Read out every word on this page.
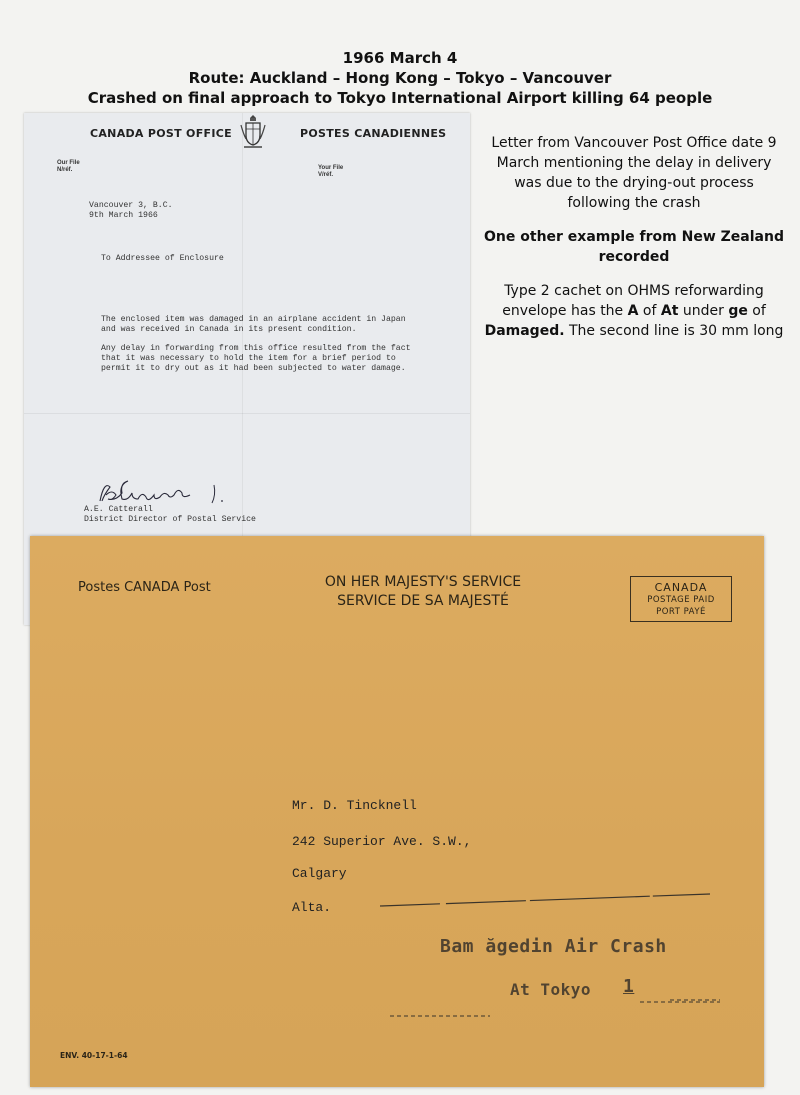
1966 March 4
Route: Auckland – Hong Kong – Tokyo – Vancouver
Crashed on final approach to Tokyo International Airport killing 64 people
CANADA POST OFFICE	POSTES CANADIENNES
Our File
N/réf.	Your File
V/réf.
Vancouver 3, B.C.
9th March 1966
To Addressee of Enclosure
The enclosed item was damaged in an airplane accident in Japan
and was received in Canada in its present condition.
Any delay in forwarding from this office resulted from the fact
that it was necessary to hold the item for a brief period to
permit it to dry out as it had been subjected to water damage.
A.E. Catterall
District Director of Postal Service
Letter from Vancouver Post Office date 9 March mentioning the delay in delivery was due to the drying-out process following the crash
One other example from New Zealand recorded
Type 2 cachet on OHMS reforwarding envelope has the A of At under ge of Damaged. The second line is 30 mm long
Postes CANADA Post	ON HER MAJESTY'S SERVICE
SERVICE DE SA MAJESTÉ
CANADA
POSTAGE PAID
PORT PAYÉ
Mr. D. Tincknell
242 Superior Ave. S.W.,
Calgary
Alta.
Bam ăgedin Air Crash
At Tokyo 1
ENV. 40-17-1-64
